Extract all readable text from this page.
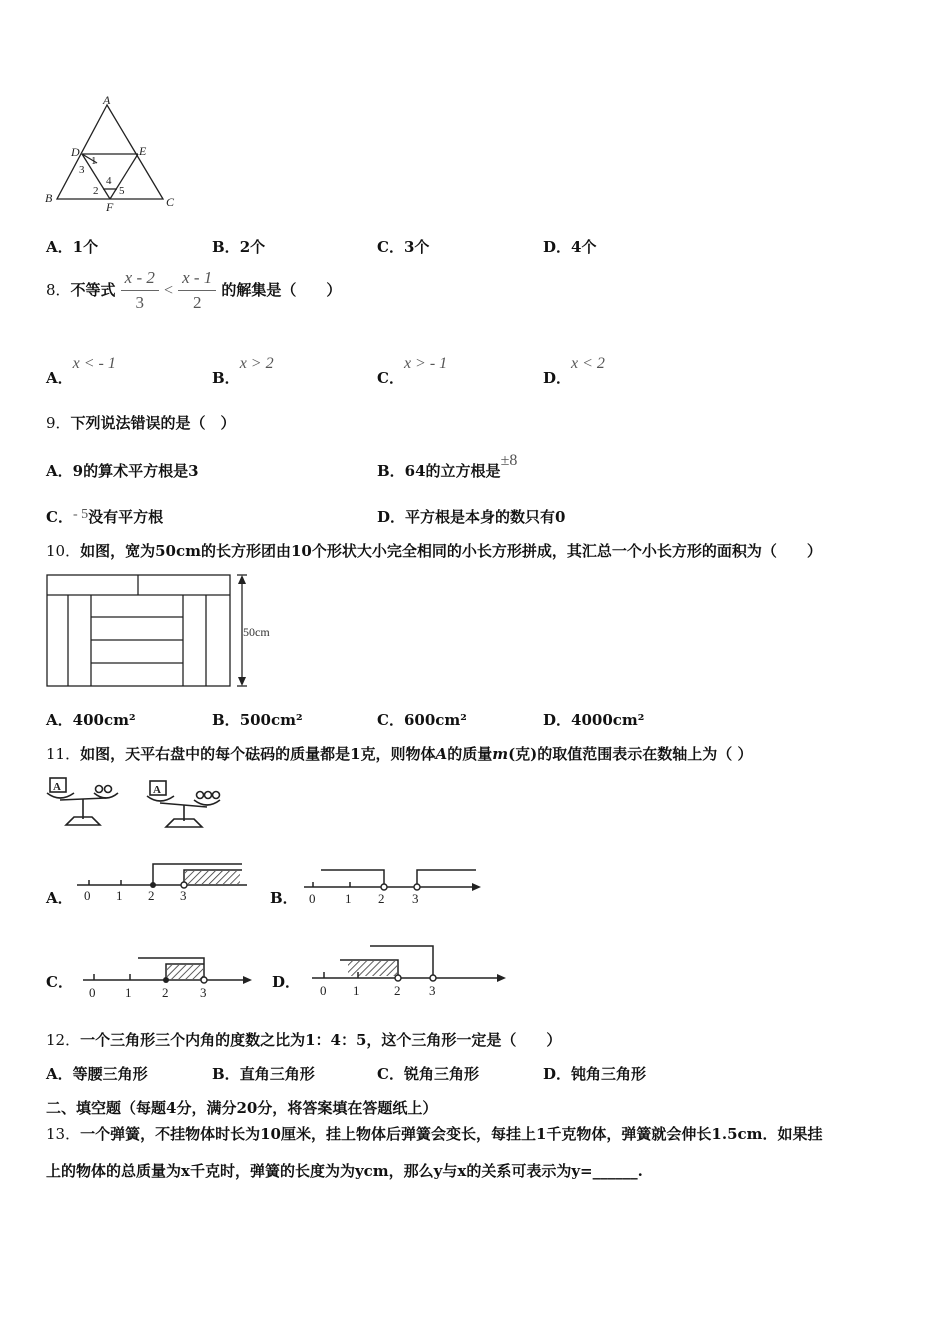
A
D	E
B	C
F
1
3
4
2 5
A．1个	B．2个	C．3个	D．4个
8．不等式 $\frac{x - 2}{3} < \frac{x - 1}{2}$ 的解集是（　　）
A．x < - 1
B．x > 2
C．x > - 1
D．x < 2
9．下列说法错误的是（　）
A．9的算术平方根是3	B．64的立方根是±8
C．- 5没有平方根	D．平方根是本身的数只有0
10．如图，宽为50cm的长方形团由10个形状大小完全相同的小长方形拼成，其汇总一个小长方形的面积为（　　）
50cm
A．400cm²	B．500cm²	C．600cm²	D．4000cm²
11．如图，天平右盘中的每个砝码的质量都是1克，则物体A的质量m(克)的取值范围表示在数轴上为（ ）
A	A
A． 0 1 2 3	B． 0 1 2 3
C．
0 1 2 3
D． 0 1	2 3
12．一个三角形三个内角的度数之比为1：4：5，这个三角形一定是（　　）
A．等腰三角形	B．直角三角形	C．锐角三角形	D．钝角三角形
二、填空题（每题4分，满分20分，将答案填在答题纸上）
13．一个弹簧，不挂物体时长为10厘米，挂上物体后弹簧会变长，每挂上1千克物体，弹簧就会伸长1.5cm．如果挂
上的物体的总质量为x千克时，弹簧的长度为为ycm，那么y与x的关系可表示为y=______.
